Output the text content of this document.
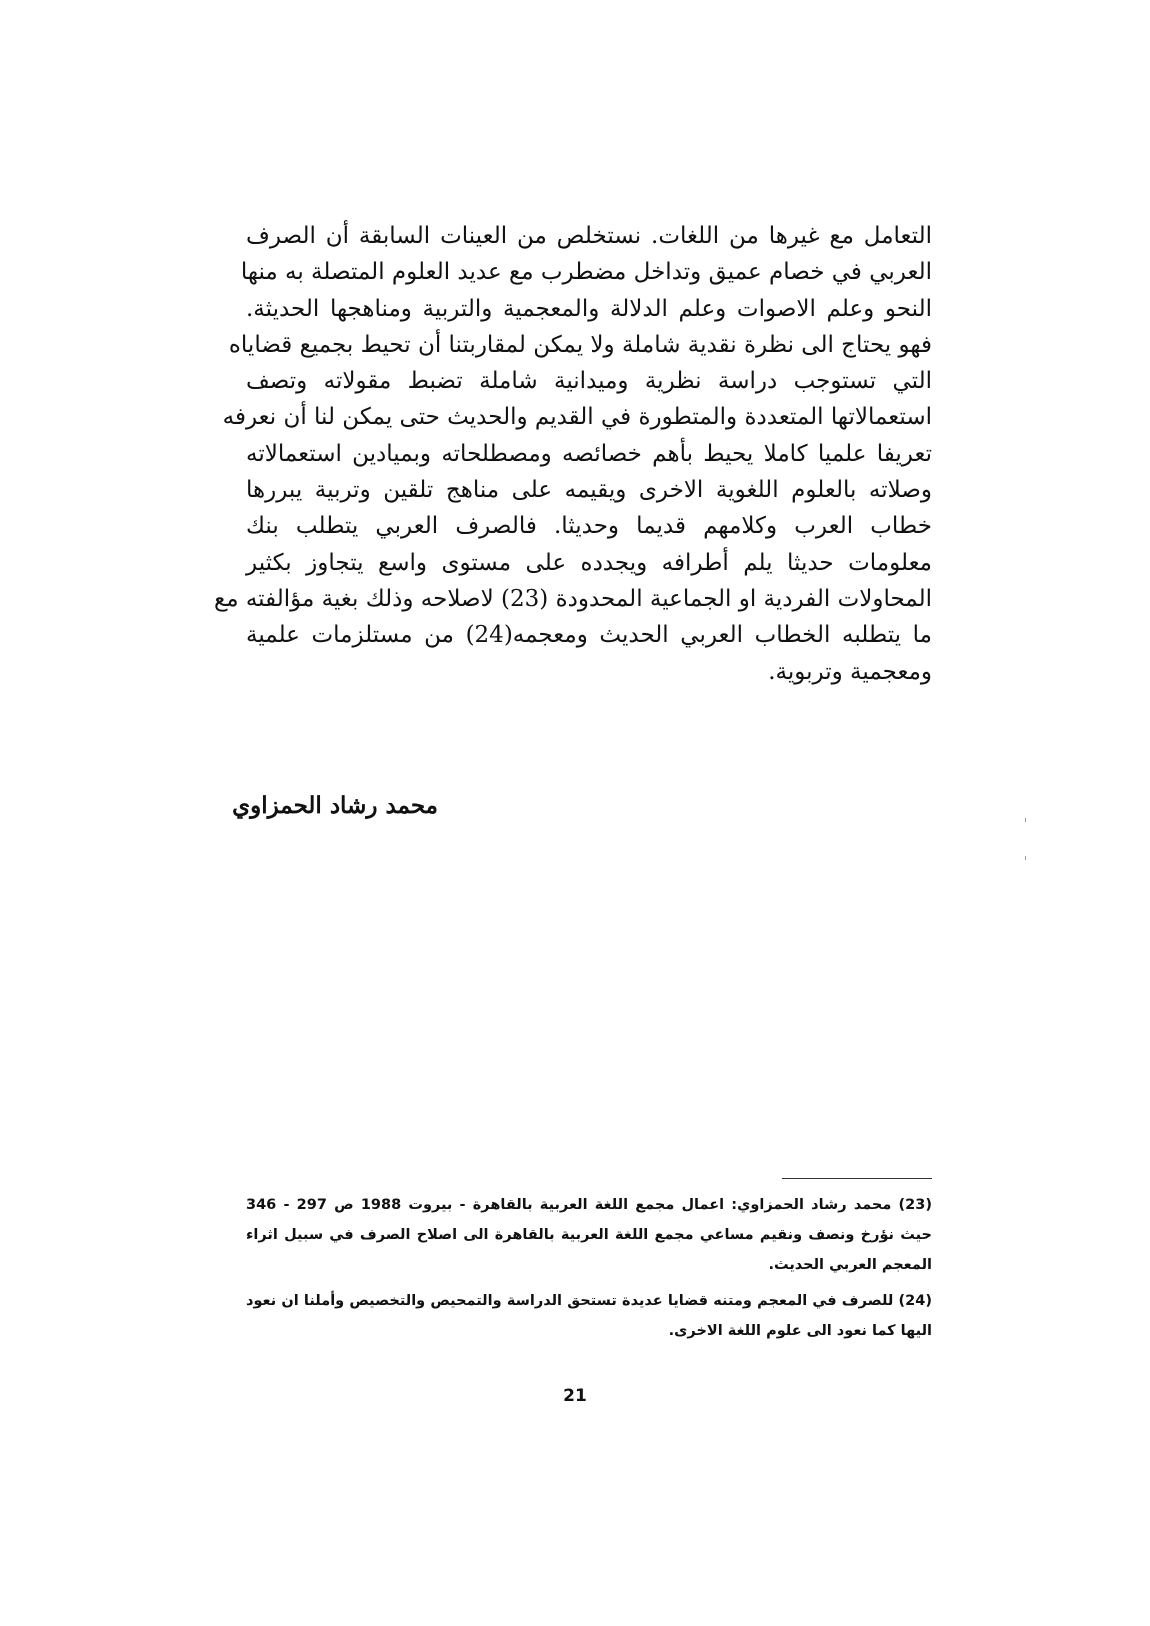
التعامل مع غيرها من اللغات. نستخلص من العينات السابقة أن الصرف
العربي في خصام عميق وتداخل مضطرب مع عديد العلوم المتصلة به منها
النحو وعلم الاصوات وعلم الدلالة والمعجمية والتربية ومناهجها الحديثة.
فهو يحتاج الى نظرة نقدية شاملة ولا يمكن لمقاربتنا أن تحيط بجميع قضاياه
التي تستوجب دراسة نظرية وميدانية شاملة تضبط مقولاته وتصف
استعمالاتها المتعددة والمتطورة في القديم والحديث حتى يمكن لنا أن نعرفه
تعريفا علميا كاملا يحيط بأهم خصائصه ومصطلحاته وبميادين استعمالاته
وصلاته بالعلوم اللغوية الاخرى ويقيمه على مناهج تلقين وتربية يبررها
خطاب العرب وكلامهم قديما وحديثا. فالصرف العربي يتطلب بنك
معلومات حديثا يلم أطرافه ويجدده على مستوى واسع يتجاوز بكثير
المحاولات الفردية او الجماعية المحدودة (23) لاصلاحه وذلك بغية مؤالفته مع
ما يتطلبه الخطاب العربي الحديث ومعجمه(24) من مستلزمات علمية
ومعجمية وتربوية.
محمد رشاد الحمزاوي
(23) محمد رشاد الحمزاوي: اعمال مجمع اللغة العربية بالقاهرة - بيروت 1988 ص 297 - 346
حيث نؤرخ ونصف ونقيم مساعي مجمع اللغة العربية بالقاهرة الى اصلاح الصرف في سبيل اثراء
المعجم العربي الحديث.
(24) للصرف في المعجم ومتنه قضايا عديدة تستحق الدراسة والتمحيص والتخصيص وأملنا ان نعود
اليها كما نعود الى علوم اللغة الاخرى.
21
